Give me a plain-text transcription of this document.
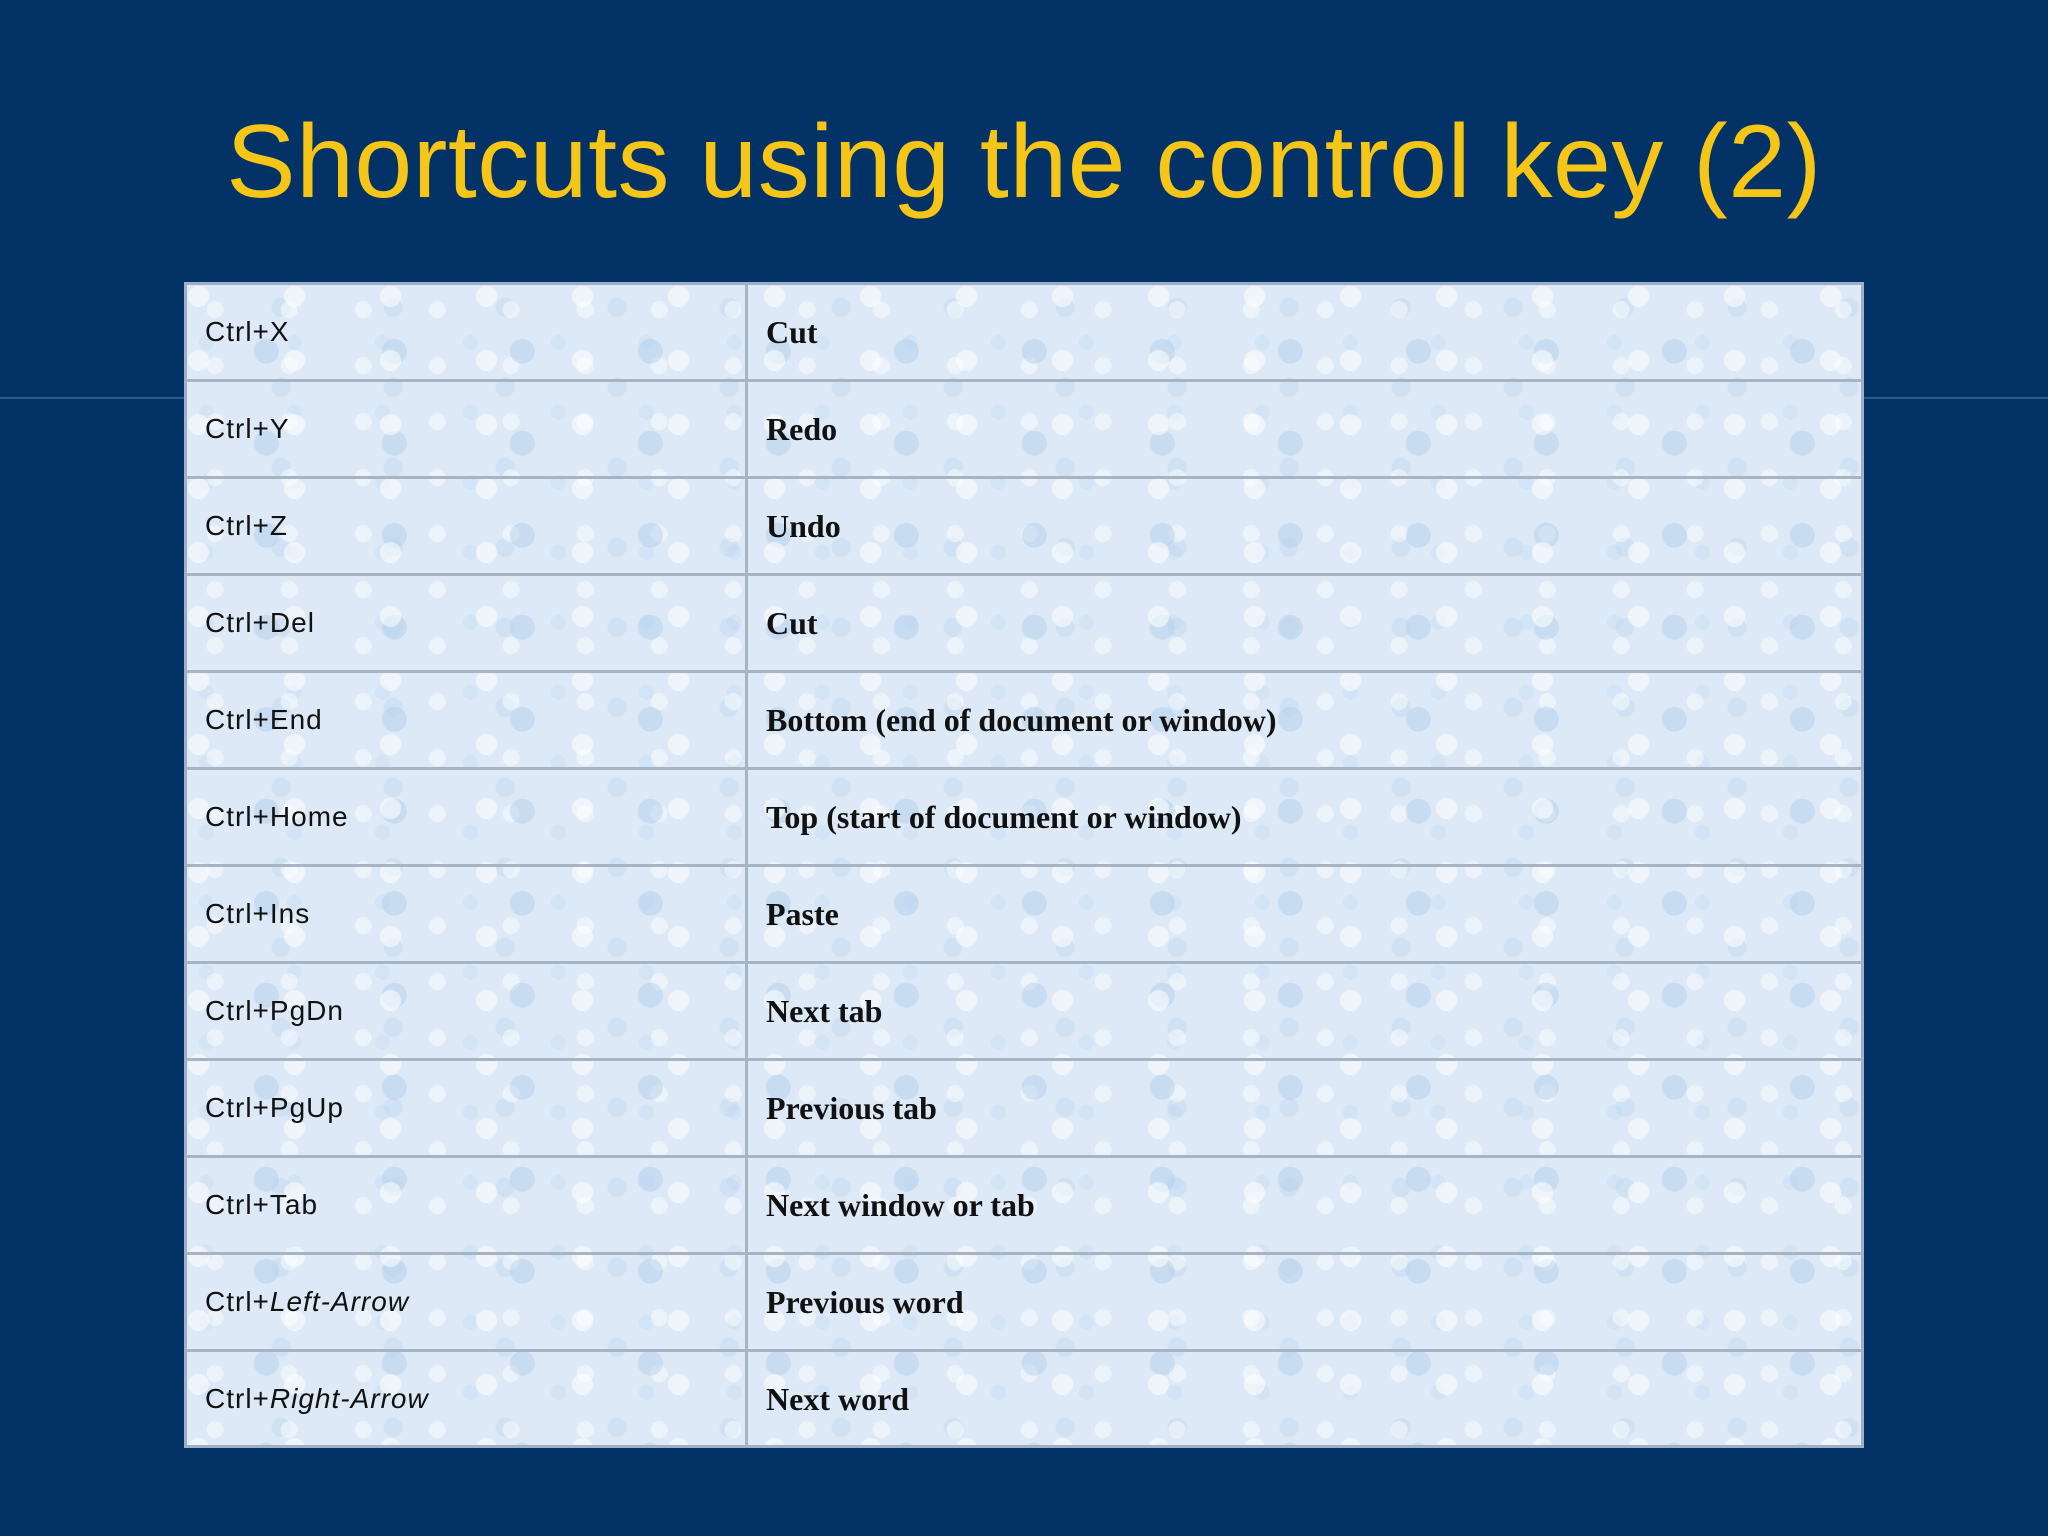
Shortcuts using the control key (2)
Ctrl+X	Cut
Ctrl+Y	Redo
Ctrl+Z	Undo
Ctrl+Del	Cut
Ctrl+End	Bottom (end of document or window)
Ctrl+Home	Top (start of document or window)
Ctrl+Ins	Paste
Ctrl+PgDn	Next tab
Ctrl+PgUp	Previous tab
Ctrl+Tab	Next window or tab
Ctrl+Left-Arrow	Previous word
Ctrl+Right-Arrow	Next word
